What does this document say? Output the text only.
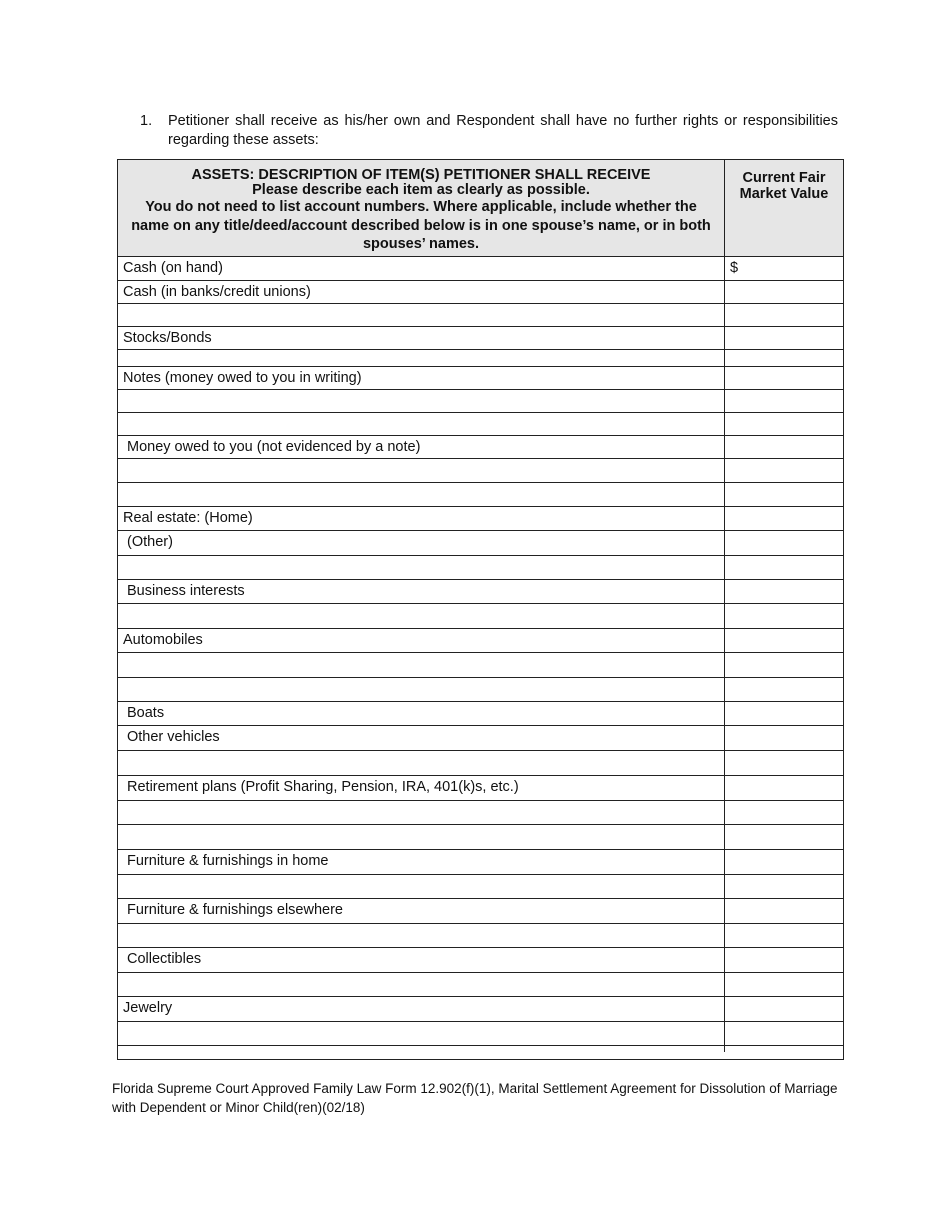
1. Petitioner shall receive as his/her own and Respondent shall have no further rights or responsibilities regarding these assets:
ASSETS: DESCRIPTION OF ITEM(S) PETITIONER SHALL RECEIVE
Please describe each item as clearly as possible.
You do not need to list account numbers. Where applicable, include whether the name on any title/deed/account described below is in one spouse’s name, or in both spouses’ names.
Current Fair Market Value
Cash (on hand)	$
Cash (in banks/credit unions)
Stocks/Bonds
Notes (money owed to you in writing)
Money owed to you (not evidenced by a note)
Real estate: (Home)
(Other)
Business interests
Automobiles
Boats
Other vehicles
Retirement plans (Profit Sharing, Pension, IRA, 401(k)s, etc.)
Furniture & furnishings in home
Furniture & furnishings elsewhere
Collectibles
Jewelry
Florida Supreme Court Approved Family Law Form 12.902(f)(1), Marital Settlement Agreement for Dissolution of Marriage with Dependent or Minor Child(ren)(02/18)
